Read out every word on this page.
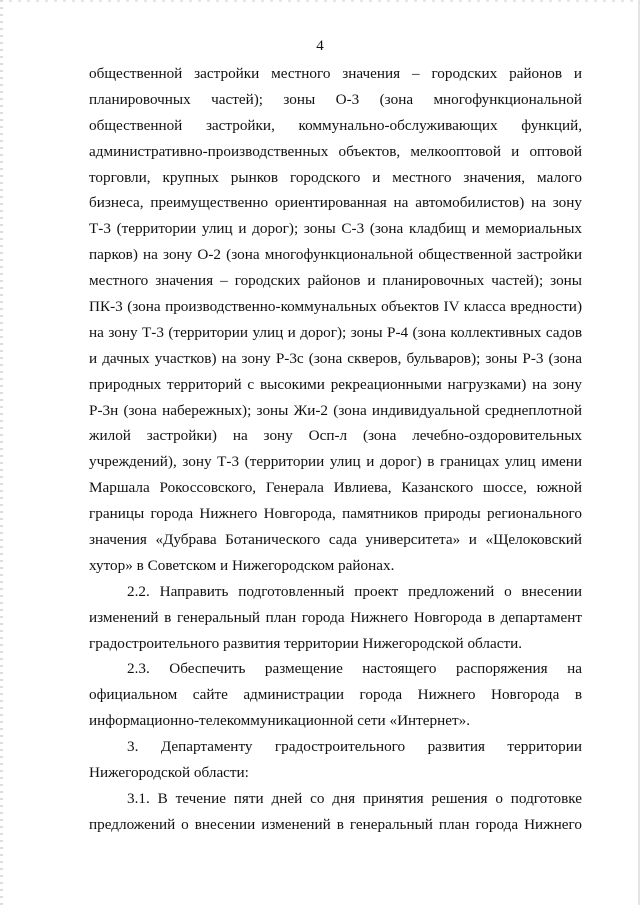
4
общественной застройки местного значения – городских районов и
планировочных частей); зоны О-3 (зона многофункциональной
общественной застройки, коммунально-обслуживающих функций,
административно-производственных объектов, мелкооптовой и оптовой
торговли, крупных рынков городского и местного значения, малого
бизнеса, преимущественно ориентированная на автомобилистов) на зону
Т-3 (территории улиц и дорог); зоны С-3 (зона кладбищ и мемориальных
парков) на зону О-2 (зона многофункциональной общественной застройки
местного значения – городских районов и планировочных частей); зоны
ПК-3 (зона производственно-коммунальных объектов IV класса вредности)
на зону Т-3 (территории улиц и дорог); зоны Р-4 (зона коллективных садов
и дачных участков) на зону Р-3с (зона скверов, бульваров); зоны Р-3 (зона
природных территорий с высокими рекреационными нагрузками) на зону
Р-3н (зона набережных); зоны Жи-2 (зона индивидуальной среднеплотной
жилой застройки) на зону Осп-л (зона лечебно-оздоровительных
учреждений), зону Т-3 (территории улиц и дорог) в границах улиц имени
Маршала Рокоссовского, Генерала Ивлиева, Казанского шоссе, южной
границы города Нижнего Новгорода, памятников природы регионального
значения «Дубрава Ботанического сада университета» и «Щелоковский
хутор» в Советском и Нижегородском районах.
2.2. Направить подготовленный проект предложений о внесении
изменений в генеральный план города Нижнего Новгорода в департамент
градостроительного развития территории Нижегородской области.
2.3. Обеспечить размещение настоящего распоряжения на
официальном сайте администрации города Нижнего Новгорода в
информационно-телекоммуникационной сети «Интернет».
3. Департаменту градостроительного развития территории
Нижегородской области:
3.1. В течение пяти дней со дня принятия решения о подготовке
предложений о внесении изменений в генеральный план города Нижнего
